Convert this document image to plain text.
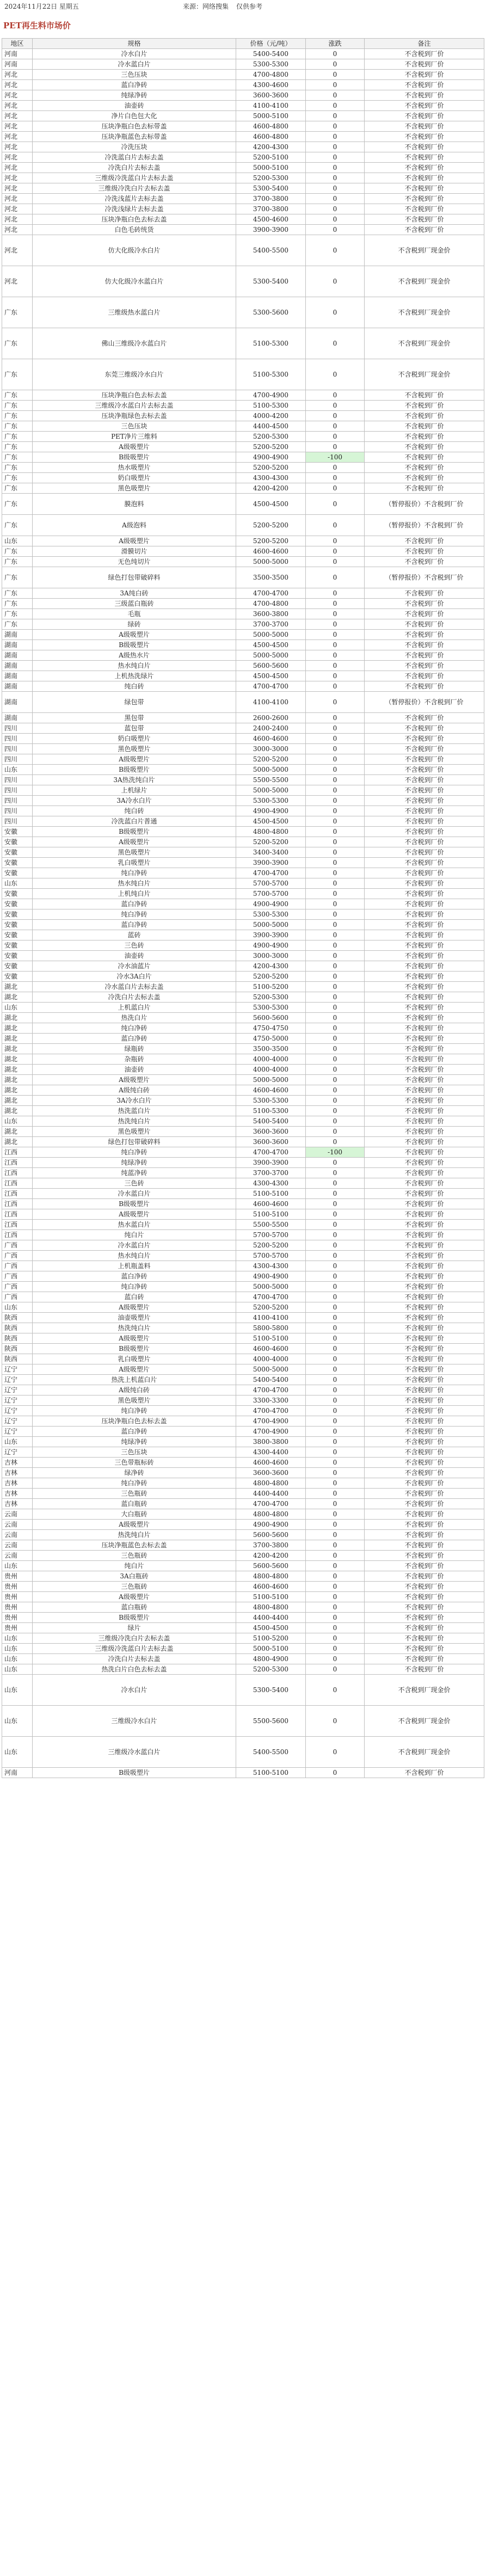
2024年11月22日 星期五	来源：网络搜集 仅供参考
PET再生料市场价
地区	规格	价格（元/吨）	涨跌	备注
河南	冷水白片	5400-5400	0	不含税到厂价
河南	冷水蓝白片	5300-5300	0	不含税到厂价
河北	三色压块	4700-4800	0	不含税到厂价
河北	蓝白净砖	4300-4600	0	不含税到厂价
河北	纯绿净砖	3600-3600	0	不含税到厂价
河北	油壶砖	4100-4100	0	不含税到厂价
河北	净片白色包大化	5000-5100	0	不含税到厂价
河北	压块净瓶白色去标带盖	4600-4800	0	不含税到厂价
河北	压块净瓶蓝色去标带盖	4600-4800	0	不含税到厂价
河北	冷洗压块	4200-4300	0	不含税到厂价
河北	冷洗蓝白片去标去盖	5200-5100	0	不含税到厂价
河北	冷洗白片去标去盖	5000-5100	0	不含税到厂价
河北	三维级冷洗蓝白片去标去盖	5200-5300	0	不含税到厂价
河北	三维级冷洗白片去标去盖	5300-5400	0	不含税到厂价
河北	冷洗浅蓝片去标去盖	3700-3800	0	不含税到厂价
河北	冷洗浅绿片去标去盖	3700-3800	0	不含税到厂价
河北	压块净瓶白色去标去盖	4500-4600	0	不含税到厂价
河北	白色毛砖统货	3900-3900	0	不含税到厂价
河北	仿大化级冷水白片	5400-5500	0	不含税到厂现金价
河北	仿大化级冷水蓝白片	5300-5400	0	不含税到厂现金价
广东	三维级热水蓝白片	5300-5600	0	不含税到厂现金价
广东	佛山三维级冷水蓝白片	5100-5300	0	不含税到厂现金价
广东	东莞三维级冷水白片	5100-5300	0	不含税到厂现金价
广东	压块净瓶白色去标去盖	4700-4900	0	不含税到厂价
广东	三维级冷水蓝白片去标去盖	5100-5300	0	不含税到厂价
广东	压块净瓶绿色去标去盖	4000-4200	0	不含税到厂价
广东	三色压块	4400-4500	0	不含税到厂价
广东	PET净片三维料	5200-5300	0	不含税到厂价
广东	A级吸塑片	5200-5200	0	不含税到厂价
广东	B级吸塑片	4900-4900	-100	不含税到厂价
广东	热水吸塑片	5200-5200	0	不含税到厂价
广东	奶白吸塑片	4300-4300	0	不含税到厂价
广东	黑色吸塑片	4200-4200	0	不含税到厂价
广东	膜泡料	4500-4500	0	（暂停报价）不含税到厂价
广东	A级泡料	5200-5200	0	（暂停报价）不含税到厂价
山东	A级吸塑片	5200-5200	0	不含税到厂价
广东	滑膜切片	4600-4600	0	不含税到厂价
广东	无色纯切片	5000-5000	0	不含税到厂价
广东	绿色打包带破碎料	3500-3500	0	（暂停报价）不含税到厂价
广东	3A纯白砖	4700-4700	0	不含税到厂价
广东	三级蓝白瓶砖	4700-4800	0	不含税到厂价
广东	毛瓶	3600-3800	0	不含税到厂价
广东	绿砖	3700-3700	0	不含税到厂价
湖南	A级吸塑片	5000-5000	0	不含税到厂价
湖南	B级吸塑片	4500-4500	0	不含税到厂价
湖南	A级热水片	5000-5000	0	不含税到厂价
湖南	热水纯白片	5600-5600	0	不含税到厂价
湖南	上机热洗绿片	4500-4500	0	不含税到厂价
湖南	纯白砖	4700-4700	0	不含税到厂价
湖南	绿包带	4100-4100	0	（暂停报价）不含税到厂价
湖南	黑包带	2600-2600	0	不含税到厂价
四川	蓝包带	2400-2400	0	不含税到厂价
四川	奶白吸塑片	4600-4600	0	不含税到厂价
四川	黑色吸塑片	3000-3000	0	不含税到厂价
四川	A级吸塑片	5200-5200	0	不含税到厂价
山东	B级吸塑片	5000-5000	0	不含税到厂价
四川	3A热洗纯白片	5500-5500	0	不含税到厂价
四川	上机绿片	5000-5000	0	不含税到厂价
四川	3A冷水白片	5300-5300	0	不含税到厂价
四川	纯白砖	4900-4900	0	不含税到厂价
四川	冷洗蓝白片普通	4500-4500	0	不含税到厂价
安徽	B级吸塑片	4800-4800	0	不含税到厂价
安徽	A级吸塑片	5200-5200	0	不含税到厂价
安徽	黑色吸塑片	3400-3400	0	不含税到厂价
安徽	乳白吸塑片	3900-3900	0	不含税到厂价
安徽	纯白净砖	4700-4700	0	不含税到厂价
山东	热水纯白片	5700-5700	0	不含税到厂价
安徽	上机纯白片	5700-5700	0	不含税到厂价
安徽	蓝白净砖	4900-4900	0	不含税到厂价
安徽	纯白净砖	5300-5300	0	不含税到厂价
安徽	蓝白净砖	5000-5000	0	不含税到厂价
安徽	蓝砖	3900-3900	0	不含税到厂价
安徽	三色砖	4900-4900	0	不含税到厂价
安徽	油壶砖	3000-3000	0	不含税到厂价
安徽	冷水油蓝片	4200-4300	0	不含税到厂价
安徽	冷水3A白片	5200-5200	0	不含税到厂价
湖北	冷水蓝白片去标去盖	5100-5200	0	不含税到厂价
湖北	冷洗白片去标去盖	5200-5300	0	不含税到厂价
山东	上机蓝白片	5300-5300	0	不含税到厂价
湖北	热洗白片	5600-5600	0	不含税到厂价
湖北	纯白净砖	4750-4750	0	不含税到厂价
湖北	蓝白净砖	4750-5000	0	不含税到厂价
湖北	绿瓶砖	3500-3500	0	不含税到厂价
湖北	杂瓶砖	4000-4000	0	不含税到厂价
湖北	油壶砖	4000-4000	0	不含税到厂价
湖北	A级吸塑片	5000-5000	0	不含税到厂价
湖北	A级纯白砖	4600-4600	0	不含税到厂价
湖北	3A冷水白片	5300-5300	0	不含税到厂价
湖北	热洗蓝白片	5100-5300	0	不含税到厂价
山东	热洗纯白片	5400-5400	0	不含税到厂价
湖北	黑色吸塑片	3600-3600	0	不含税到厂价
湖北	绿色打包带破碎料	3600-3600	0	不含税到厂价
江西	纯白净砖	4700-4700	-100	不含税到厂价
江西	纯绿净砖	3900-3900	0	不含税到厂价
江西	纯蓝净砖	3700-3700	0	不含税到厂价
江西	三色砖	4300-4300	0	不含税到厂价
江西	冷水蓝白片	5100-5100	0	不含税到厂价
江西	B级吸塑片	4600-4600	0	不含税到厂价
江西	A级吸塑片	5100-5100	0	不含税到厂价
江西	热水蓝白片	5500-5500	0	不含税到厂价
江西	纯白片	5700-5700	0	不含税到厂价
广西	冷水蓝白片	5200-5200	0	不含税到厂价
广西	热水纯白片	5700-5700	0	不含税到厂价
广西	上机瓶盖料	4300-4300	0	不含税到厂价
广西	蓝白净砖	4900-4900	0	不含税到厂价
广西	纯白净砖	5000-5000	0	不含税到厂价
广西	蓝白砖	4700-4700	0	不含税到厂价
山东	A级吸塑片	5200-5200	0	不含税到厂价
陕西	油壶吸塑片	4100-4100	0	不含税到厂价
陕西	热洗纯白片	5800-5800	0	不含税到厂价
陕西	A级吸塑片	5100-5100	0	不含税到厂价
陕西	B级吸塑片	4600-4600	0	不含税到厂价
陕西	乳白吸塑片	4000-4000	0	不含税到厂价
辽宁	A级吸塑片	5000-5000	0	不含税到厂价
辽宁	热洗上机蓝白片	5400-5400	0	不含税到厂价
辽宁	A级纯白砖	4700-4700	0	不含税到厂价
辽宁	黑色吸塑片	3300-3300	0	不含税到厂价
辽宁	纯白净砖	4700-4700	0	不含税到厂价
辽宁	压块净瓶白色去标去盖	4700-4900	0	不含税到厂价
辽宁	蓝白净砖	4700-4900	0	不含税到厂价
山东	纯绿净砖	3800-3800	0	不含税到厂价
辽宁	三色压块	4300-4400	0	不含税到厂价
吉林	三色带瓶标砖	4600-4600	0	不含税到厂价
吉林	绿净砖	3600-3600	0	不含税到厂价
吉林	纯白净砖	4800-4800	0	不含税到厂价
吉林	三色瓶砖	4400-4400	0	不含税到厂价
吉林	蓝白瓶砖	4700-4700	0	不含税到厂价
云南	大白瓶砖	4800-4800	0	不含税到厂价
云南	A级吸塑片	4900-4900	0	不含税到厂价
云南	热洗纯白片	5600-5600	0	不含税到厂价
云南	压块净瓶蓝色去标去盖	3700-3800	0	不含税到厂价
云南	三色瓶砖	4200-4200	0	不含税到厂价
山东	纯白片	5600-5600	0	不含税到厂价
贵州	3A白瓶砖	4800-4800	0	不含税到厂价
贵州	三色瓶砖	4600-4600	0	不含税到厂价
贵州	A级吸塑片	5100-5100	0	不含税到厂价
贵州	蓝白瓶砖	4800-4800	0	不含税到厂价
贵州	B级吸塑片	4400-4400	0	不含税到厂价
贵州	绿片	4500-4500	0	不含税到厂价
山东	三维级冷洗白片去标去盖	5100-5200	0	不含税到厂价
山东	三维级冷洗蓝白片去标去盖	5000-5100	0	不含税到厂价
山东	冷洗白片去标去盖	4800-4900	0	不含税到厂价
山东	热洗白片白色去标去盖	5200-5300	0	不含税到厂价
山东	冷水白片	5300-5400	0	不含税到厂现金价
山东	三维级冷水白片	5500-5600	0	不含税到厂现金价
山东	三维级冷水蓝白片	5400-5500	0	不含税到厂现金价
河南	B级吸塑片	5100-5100	0	不含税到厂价
